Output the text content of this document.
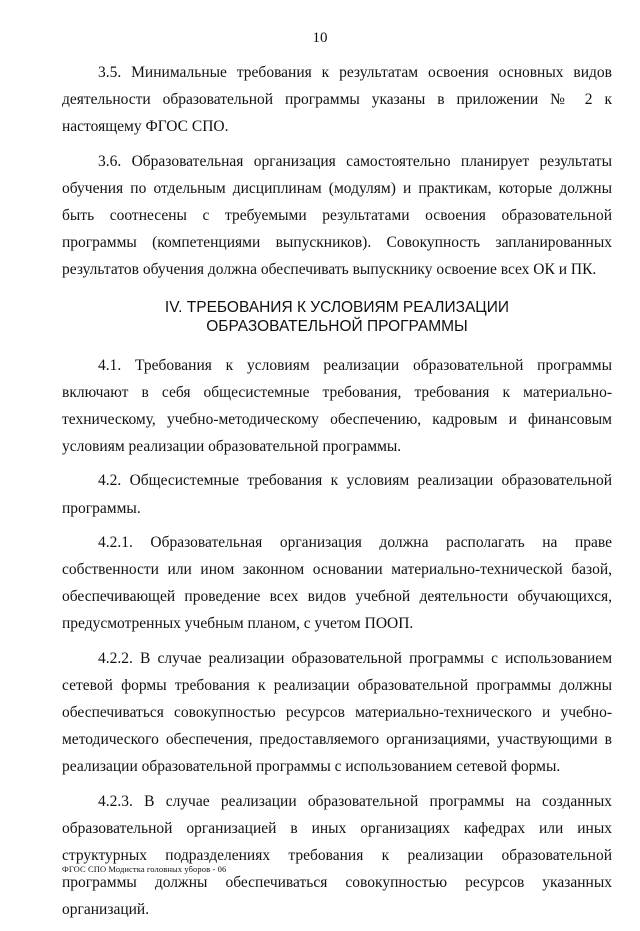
10

3.5. Минимальные требования к результатам освоения основных видов деятельности образовательной программы указаны в приложении № 2 к настоящему ФГОС СПО.

3.6. Образовательная организация самостоятельно планирует результаты обучения по отдельным дисциплинам (модулям) и практикам, которые должны быть соотнесены с требуемыми результатами освоения образовательной программы (компетенциями выпускников). Совокупность запланированных результатов обучения должна обеспечивать выпускнику освоение всех ОК и ПК.

IV. ТРЕБОВАНИЯ К УСЛОВИЯМ РЕАЛИЗАЦИИ
ОБРАЗОВАТЕЛЬНОЙ ПРОГРАММЫ

4.1. Требования к условиям реализации образовательной программы включают в себя общесистемные требования, требования к материально-техническому, учебно-методическому обеспечению, кадровым и финансовым условиям реализации образовательной программы.

4.2. Общесистемные требования к условиям реализации образовательной программы.

4.2.1. Образовательная организация должна располагать на праве собственности или ином законном основании материально-технической базой, обеспечивающей проведение всех видов учебной деятельности обучающихся, предусмотренных учебным планом, с учетом ПООП.

4.2.2. В случае реализации образовательной программы с использованием сетевой формы требования к реализации образовательной программы должны обеспечиваться совокупностью ресурсов материально-технического и учебно-методического обеспечения, предоставляемого организациями, участвующими в реализации образовательной программы с использованием сетевой формы.

4.2.3. В случае реализации образовательной программы на созданных образовательной организацией в иных организациях кафедрах или иных структурных подразделениях требования к реализации образовательной программы должны обеспечиваться совокупностью ресурсов указанных организаций.

ФГОС СПО Модистка головных уборов - 06
